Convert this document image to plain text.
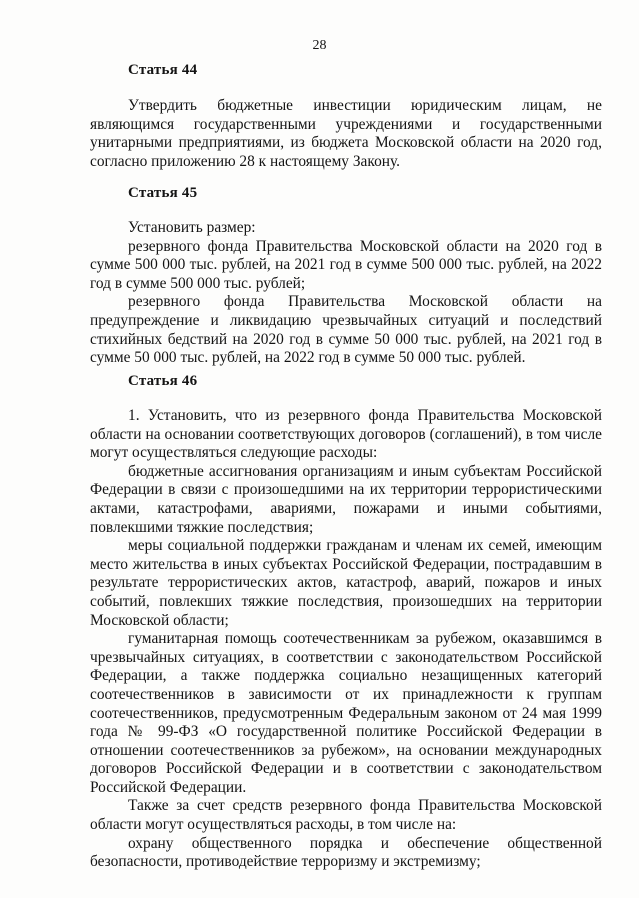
28
Статья 44

Утвердить бюджетные инвестиции юридическим лицам, не являющимся государственными учреждениями и государственными унитарными предприятиями, из бюджета Московской области на 2020 год, согласно приложению 28 к настоящему Закону.

Статья 45

Установить размер:

резервного фонда Правительства Московской области на 2020 год в сумме 500 000 тыс. рублей, на 2021 год в сумме 500 000 тыс. рублей, на 2022 год в сумме 500 000 тыс. рублей;

резервного фонда Правительства Московской области на предупреждение и ликвидацию чрезвычайных ситуаций и последствий стихийных бедствий на 2020 год в сумме 50 000 тыс. рублей, на 2021 год в сумме 50 000 тыс. рублей, на 2022 год в сумме 50 000 тыс. рублей.

Статья 46

1. Установить, что из резервного фонда Правительства Московской области на основании соответствующих договоров (соглашений), в том числе могут осуществляться следующие расходы:

бюджетные ассигнования организациям и иным субъектам Российской Федерации в связи с произошедшими на их территории террористическими актами, катастрофами, авариями, пожарами и иными событиями, повлекшими тяжкие последствия;

меры социальной поддержки гражданам и членам их семей, имеющим место жительства в иных субъектах Российской Федерации, пострадавшим в результате террористических актов, катастроф, аварий, пожаров и иных событий, повлекших тяжкие последствия, произошедших на территории Московской области;

гуманитарная помощь соотечественникам за рубежом, оказавшимся в чрезвычайных ситуациях, в соответствии с законодательством Российской Федерации, а также поддержка социально незащищенных категорий соотечественников в зависимости от их принадлежности к группам соотечественников, предусмотренным Федеральным законом от 24 мая 1999 года № 99-ФЗ «О государственной политике Российской Федерации в отношении соотечественников за рубежом», на основании международных договоров Российской Федерации и в соответствии с законодательством Российской Федерации.

Также за счет средств резервного фонда Правительства Московской области могут осуществляться расходы, в том числе на:

охрану общественного порядка и обеспечение общественной безопасности, противодействие терроризму и экстремизму;
